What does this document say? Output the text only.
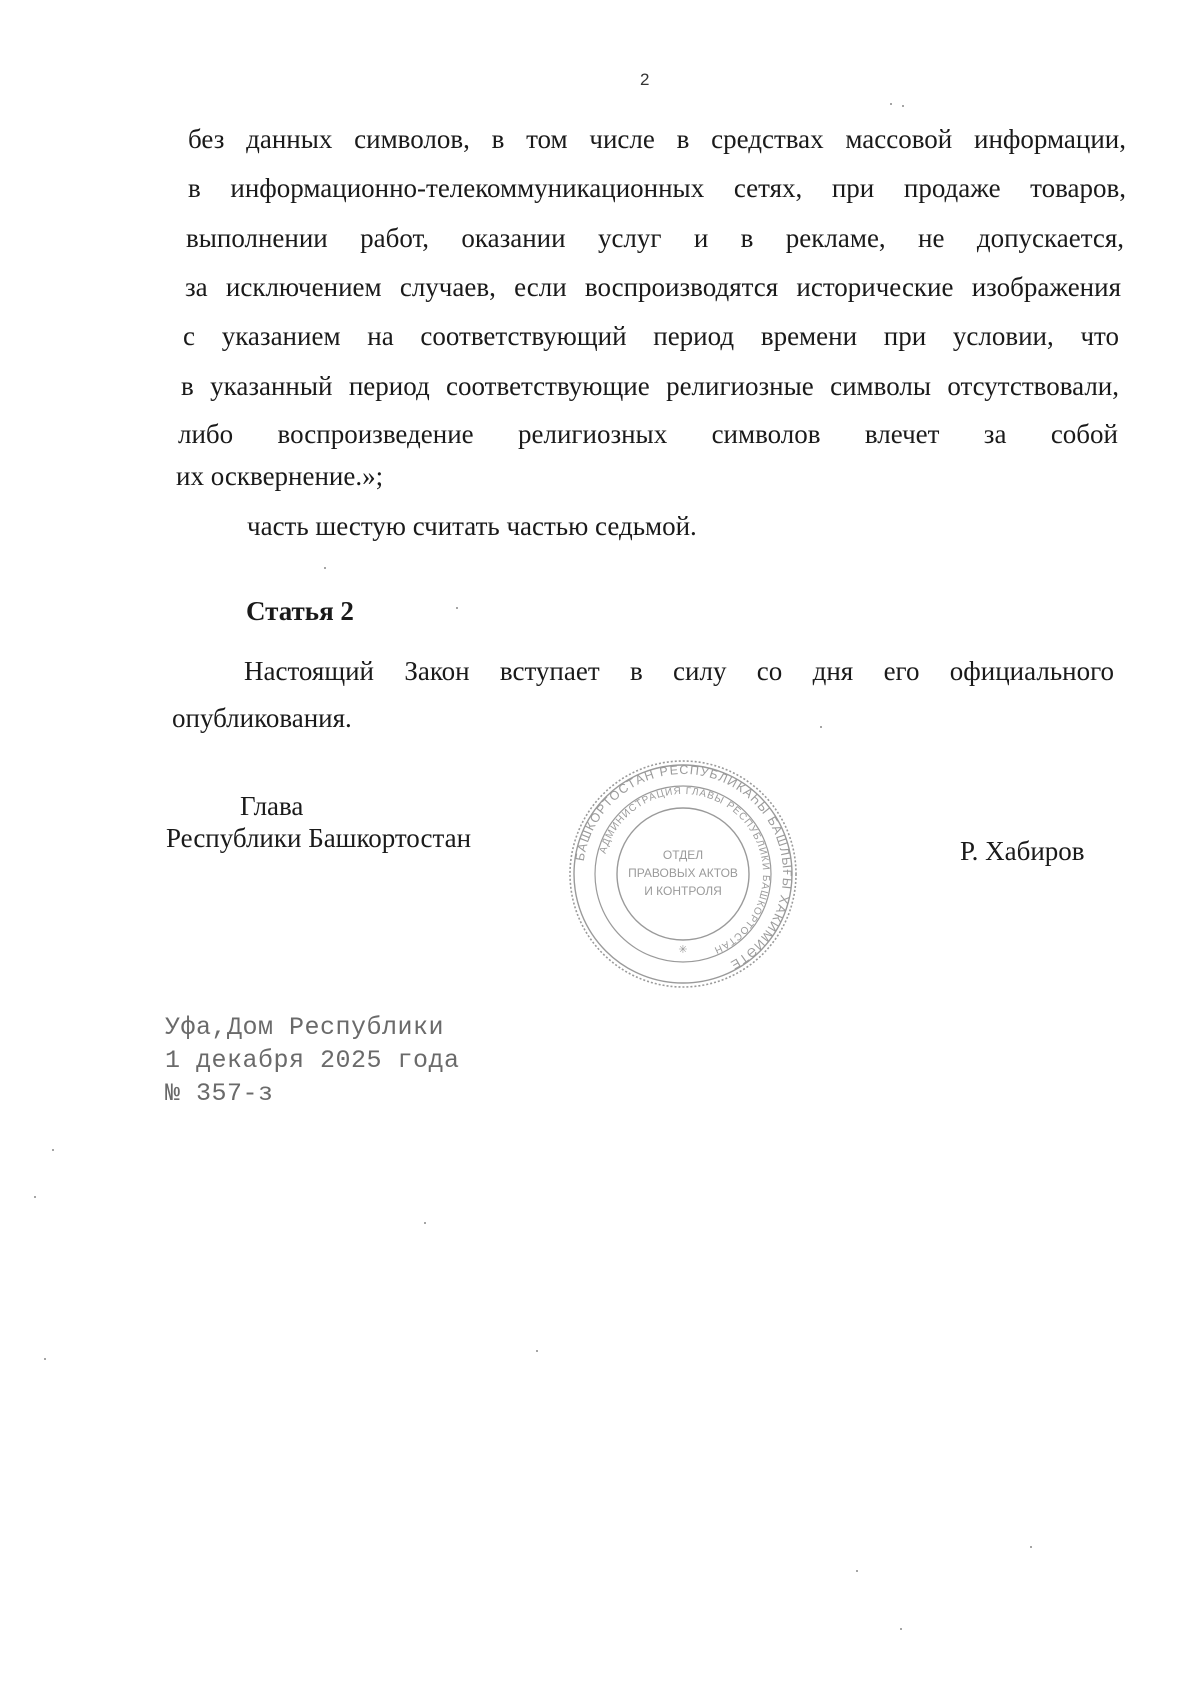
2
без данных символов, в том числе в средствах массовой информации,
в информационно-телекоммуникационных сетях, при продаже товаров,
выполнении работ, оказании услуг и в рекламе, не допускается,
за исключением случаев, если воспроизводятся исторические изображения
с указанием на соответствующий период времени при условии, что
в указанный период соответствующие религиозные символы отсутствовали,
либо воспроизведение религиозных символов влечет за собой
их осквернение.»;
часть шестую считать частью седьмой.
Статья 2
Настоящий Закон вступает в силу со дня его официального
опубликования.
Глава
Республики Башкортостан	Р. Хабиров
БАШКОРТОСТАН РЕСПУБЛИКАҺЫ БАШЛЫҒЫ ХАКИМИӘТЕ
АДМИНИСТРАЦИЯ ГЛАВЫ РЕСПУБЛИКИ БАШКОРТОСТАН
ОТДЕЛ
ПРАВОВЫХ АКТОВ
И КОНТРОЛЯ
✳
Уфа,Дом Республики
1 декабря 2025 года
№ 357-з
